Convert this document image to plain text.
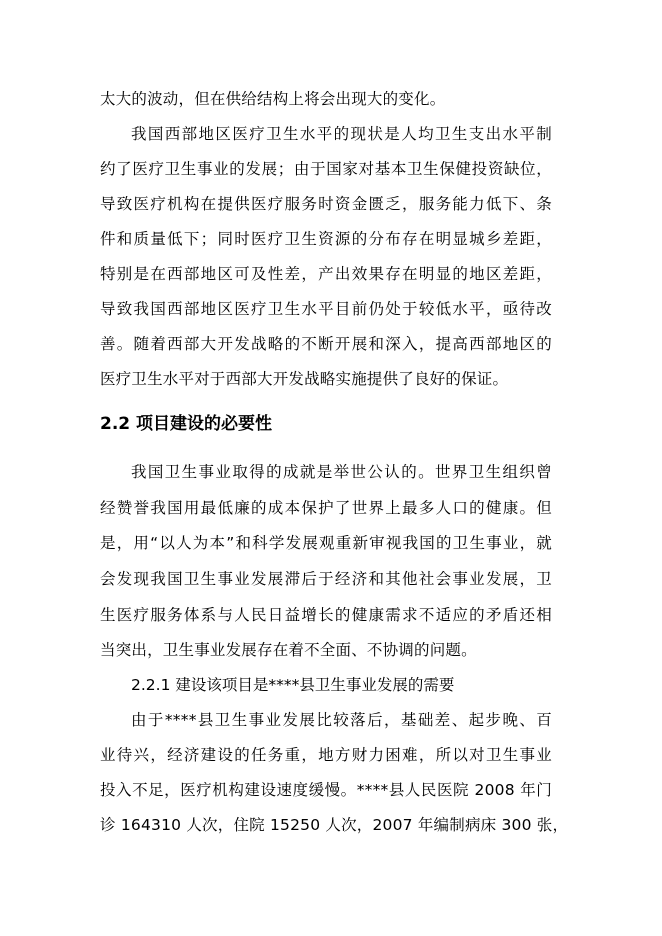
太大的波动，但在供给结构上将会出现大的变化。
我国西部地区医疗卫生水平的现状是人均卫生支出水平制
约了医疗卫生事业的发展；由于国家对基本卫生保健投资缺位，
导致医疗机构在提供医疗服务时资金匮乏，服务能力低下、条
件和质量低下；同时医疗卫生资源的分布存在明显城乡差距，
特别是在西部地区可及性差，产出效果存在明显的地区差距，
导致我国西部地区医疗卫生水平目前仍处于较低水平，亟待改
善。随着西部大开发战略的不断开展和深入，提高西部地区的
医疗卫生水平对于西部大开发战略实施提供了良好的保证。
2.2 项目建设的必要性
我国卫生事业取得的成就是举世公认的。世界卫生组织曾
经赞誉我国用最低廉的成本保护了世界上最多人口的健康。但
是，用“以人为本”和科学发展观重新审视我国的卫生事业，就
会发现我国卫生事业发展滞后于经济和其他社会事业发展，卫
生医疗服务体系与人民日益增长的健康需求不适应的矛盾还相
当突出，卫生事业发展存在着不全面、不协调的问题。
2.2.1 建设该项目是****县卫生事业发展的需要
由于****县卫生事业发展比较落后，基础差、起步晚、百
业待兴，经济建设的任务重，地方财力困难，所以对卫生事业
投入不足，医疗机构建设速度缓慢。****县人民医院 2008 年门
诊 164310 人次，住院 15250 人次，2007 年编制病床 300 张，
